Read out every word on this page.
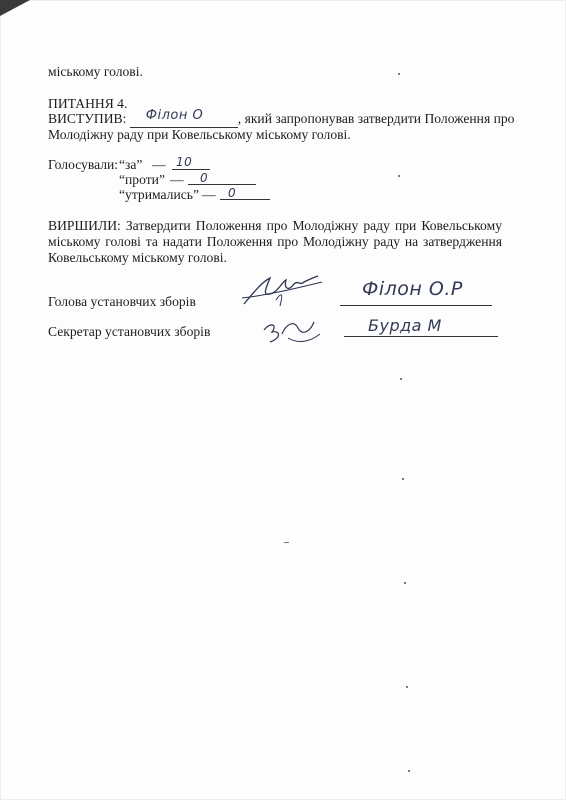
міському голові.
ПИТАННЯ 4.
ВИСТУПИВ: Філон О	, який запропонував затвердити Положення про
Молодіжну раду при Ковельському міському голові.
Голосували: “за” — 10
“проти” — 0
“утримались” — 0
ВИРШИЛИ: Затвердити Положення про Молодіжну раду при Ковельському
міському голові та надати Положення про Молодіжну раду на затвердження
Ковельському міському голові.
Голова установчих зборів
Філон О.Р
Секретар установчих зборів	Бурда М
